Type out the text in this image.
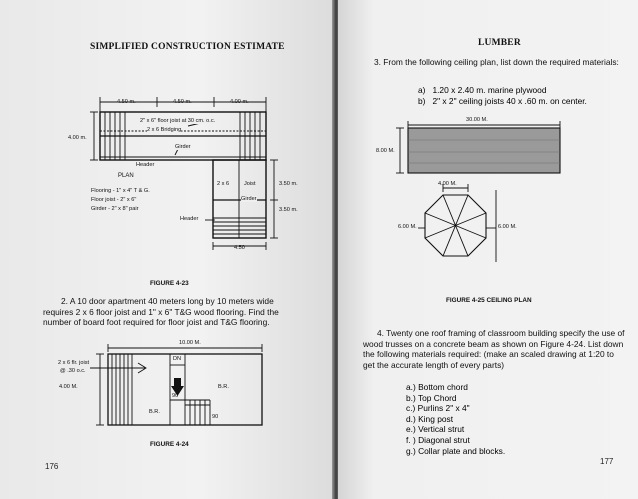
SIMPLIFIED CONSTRUCTION ESTIMATE
4.50 m.	4.50 m.	4.00 m.
4.00 m.
2" x 6" floor joist at 30 cm. o.c.
2 x 6 Bridging
Girder
Header
PLAN
Flooring - 1" x 4" T & G.
Floor joist - 2" x 6"
Girder - 2" x 8" pair
2 x 6	Joist	3.50 m.
Girder
3.50 m.
Header
4.50
FIGURE 4-23
2. A 10 door apartment 40 meters long by 10 meters wide requires 2 x 6 floor joist and 1" x 6" T&G wood flooring. Find the number of board foot required for floor joist and T&G flooring.
10.00 M.
2 x 6 flr. joist
@ .30 o.c.
4.00 M.
DN
B.R.
B.R.
90
90
FIGURE 4-24
176
LUMBER
3. From the following ceiling plan, list down the required materials:
a) 1.20 x 2.40 m. marine plywood
b) 2" x 2" ceiling joists 40 x .60 m. on center.
30.00 M.
8.00 M.
4.00 M.
6.00 M.	6.00 M.
FIGURE 4-25 CEILING PLAN
4. Twenty one roof framing of classroom building specify the use of wood trusses on a concrete beam as shown on Figure 4-24. List down the following materials required: (make an scaled drawing at 1:20 to get the accurate length of every parts)
a.) Bottom chord
b.) Top Chord
c.) Purlins 2" x 4"
d.) King post
e.) Vertical strut
f. ) Diagonal strut
g.) Collar plate and blocks.
177
